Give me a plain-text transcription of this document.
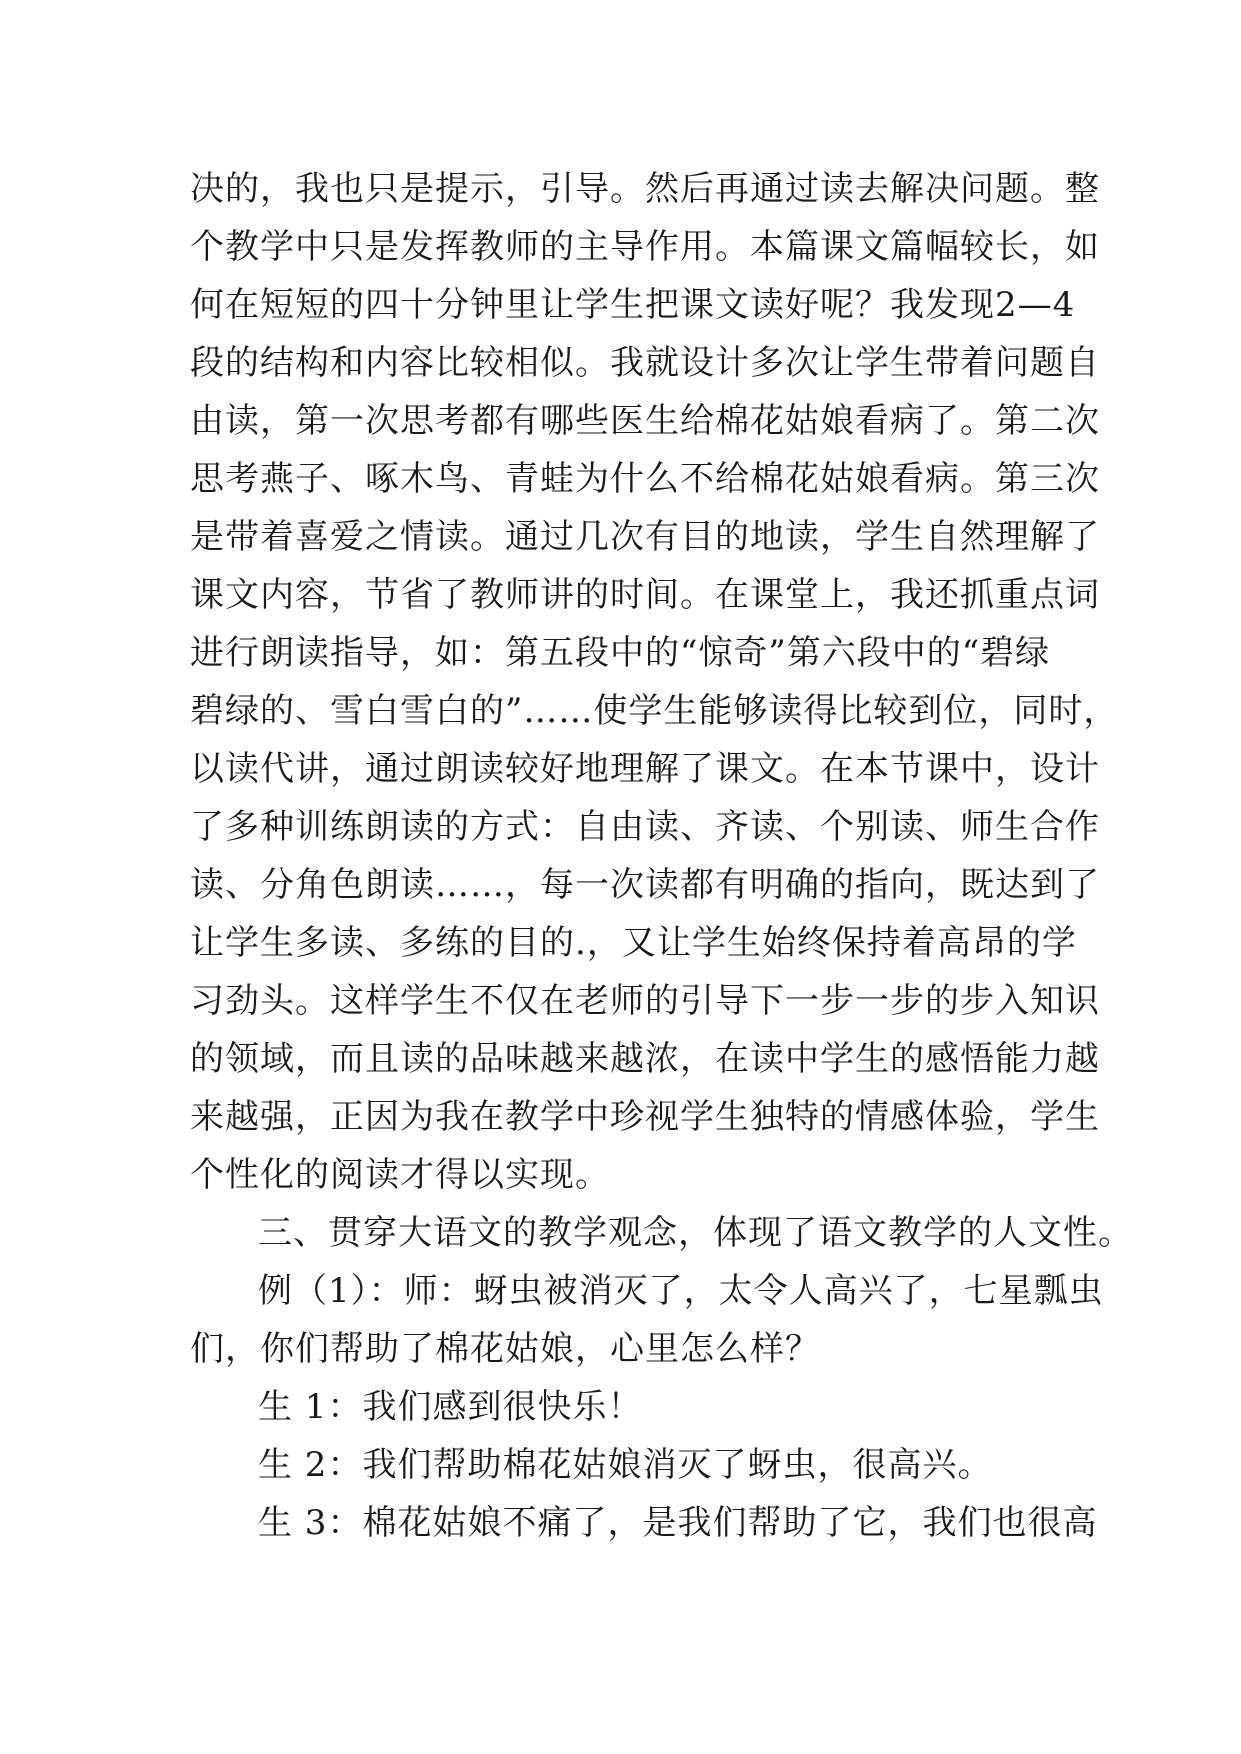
决 的 ， 我 也 只 是 提 示 ， 引 导 。 然 后 再 通 过 读 去 解 决 问 题 。 整
个 教 学 中 只 是 发 挥 教 师 的 主 导 作 用 。 本 篇 课 文 篇 幅 较 长 ， 如
何 在 短 短 的 四 十 分 钟 里 让 学 生 把 课 文 读 好 呢 ？ 我 发 现 2 — 4
段 的 结 构 和 内 容 比 较 相 似 。 我 就 设 计 多 次 让 学 生 带 着 问 题 自
由 读 ， 第 一 次 思 考 都 有 哪 些 医 生 给 棉 花 姑 娘 看 病 了 。 第 二 次
思 考 燕 子 、 啄 木 鸟 、 青 蛙 为 什 么 不 给 棉 花 姑 娘 看 病 。 第 三 次
是 带 着 喜 爱 之 情 读 。 通 过 几 次 有 目 的 地 读 ， 学 生 自 然 理 解 了
课 文 内 容 ， 节 省 了 教 师 讲 的 时 间 。 在 课 堂 上 ， 我 还 抓 重 点 词
进 行 朗 读 指 导 ， 如 ： 第 五 段 中 的 “ 惊 奇 ” 第 六 段 中 的 “ 碧 绿
碧 绿 的 、 雪 白 雪 白 的 ” … … 使 学 生 能 够 读 得 比 较 到 位 ， 同 时 ，
以 读 代 讲 ， 通 过 朗 读 较 好 地 理 解 了 课 文 。 在 本 节 课 中 ， 设 计
了 多 种 训 练 朗 读 的 方 式 ： 自 由 读 、 齐 读 、 个 别 读 、 师 生 合 作
读 、 分 角 色 朗 读 … … ， 每 一 次 读 都 有 明 确 的 指 向 ， 既 达 到 了
让 学 生 多 读 、 多 练 的 目 的 . ， 又 让 学 生 始 终 保 持 着 高 昂 的 学
习 劲 头 。 这 样 学 生 不 仅 在 老 师 的 引 导 下 一 步 一 步 的 步 入 知 识
的 领 域 ， 而 且 读 的 品 味 越 来 越 浓 ， 在 读 中 学 生 的 感 悟 能 力 越
来 越 强 ， 正 因 为 我 在 教 学 中 珍 视 学 生 独 特 的 情 感 体 验 ， 学 生
个性化的阅读才得以实现。
三、贯穿大语文的教学观念，体现了语文教学的人文性。
例（1）：师：蚜虫被消灭了，太令人高兴了，七星瓢虫
们，你们帮助了棉花姑娘，心里怎么样？
生 1：我们感到很快乐！
生 2：我们帮助棉花姑娘消灭了蚜虫，很高兴。
生 3：棉花姑娘不痛了，是我们帮助了它，我们也很高
